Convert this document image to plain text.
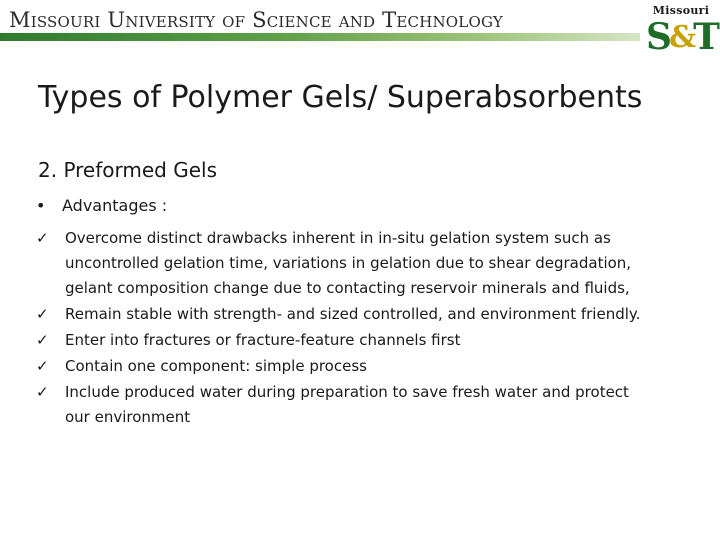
Missouri University of Science and Technology	Missouri
S&T
Types of Polymer Gels/ Superabsorbents
2. Preformed Gels
• Advantages :
✓	Overcome distinct drawbacks inherent in in-situ gelation system such as uncontrolled gelation time, variations in gelation due to shear degradation, gelant composition change due to contacting reservoir minerals and fluids,
✓	Remain stable with strength- and sized controlled, and environment friendly.
✓	Enter into fractures or fracture-feature channels first
✓	Contain one component: simple process
✓	Include produced water during preparation to save fresh water and protect our environment
